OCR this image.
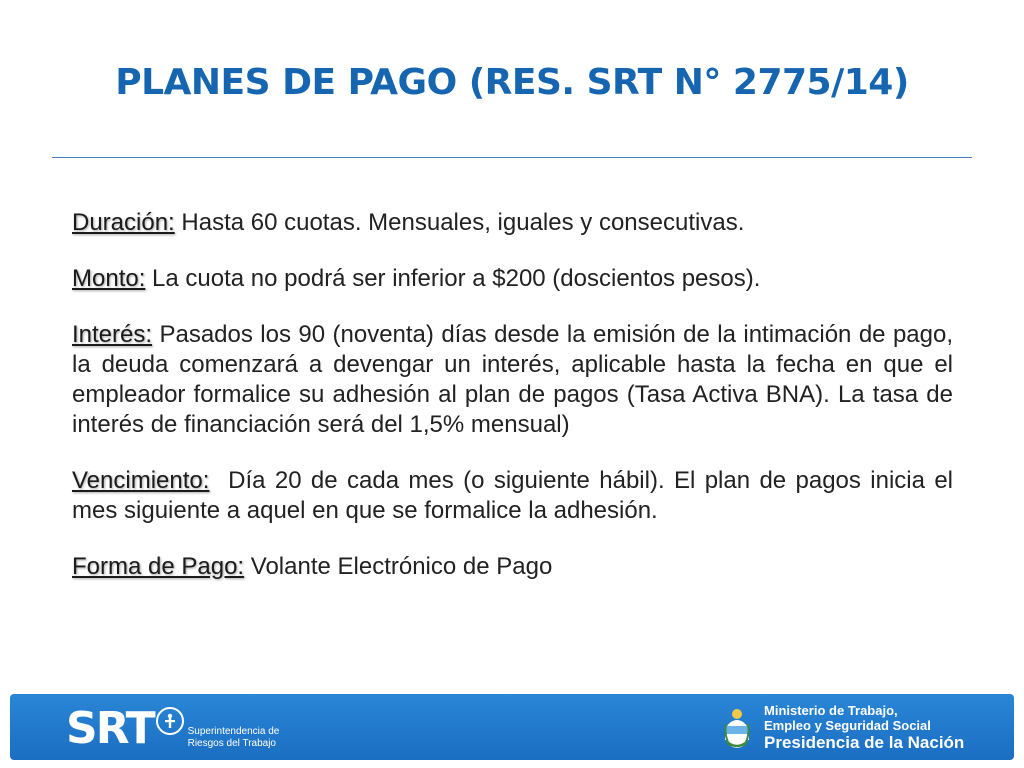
PLANES DE PAGO (RES. SRT N° 2775/14)

Duración: Hasta 60 cuotas. Mensuales, iguales y consecutivas.

Monto: La cuota no podrá ser inferior a $200 (doscientos pesos).

Interés: Pasados los 90 (noventa) días desde la emisión de la intimación de pago, la deuda comenzará a devengar un interés, aplicable hasta la fecha en que el empleador formalice su adhesión al plan de pagos (Tasa Activa BNA). La tasa de interés de financiación será del 1,5% mensual)

Vencimiento:  Día 20 de cada mes (o siguiente hábil). El plan de pagos inicia el mes siguiente a aquel en que se formalice la adhesión.

Forma de Pago: Volante Electrónico de Pago

SRT	Superintendencia de
Riesgos del Trabajo
Ministerio de Trabajo,
Empleo y Seguridad Social
Presidencia de la Nación
